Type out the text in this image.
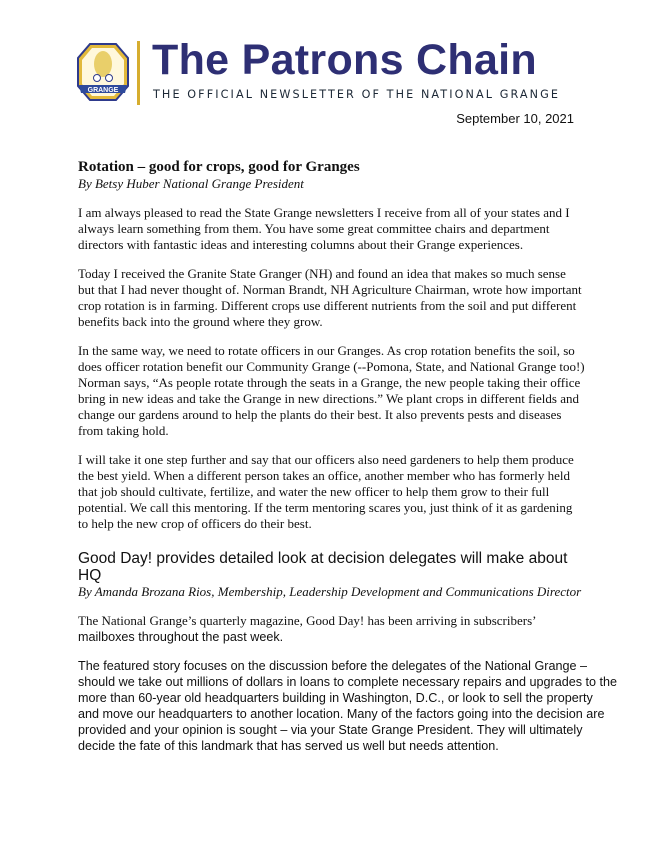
GRANGE
The Patrons Chain
THE OFFICIAL NEWSLETTER OF THE NATIONAL GRANGE
September 10, 2021
Rotation – good for crops, good for Granges
By Betsy Huber National Grange President
I am always pleased to read the State Grange newsletters I receive from all of your states and I
always learn something from them. You have some great committee chairs and department
directors with fantastic ideas and interesting columns about their Grange experiences.
Today I received the Granite State Granger (NH) and found an idea that makes so much sense
but that I had never thought of. Norman Brandt, NH Agriculture Chairman, wrote how important
crop rotation is in farming. Different crops use different nutrients from the soil and put different
benefits back into the ground where they grow.
In the same way, we need to rotate officers in our Granges. As crop rotation benefits the soil, so
does officer rotation benefit our Community Grange (--Pomona, State, and National Grange too!)
Norman says, “As people rotate through the seats in a Grange, the new people taking their office
bring in new ideas and take the Grange in new directions.” We plant crops in different fields and
change our gardens around to help the plants do their best. It also prevents pests and diseases
from taking hold.
I will take it one step further and say that our officers also need gardeners to help them produce
the best yield. When a different person takes an office, another member who has formerly held
that job should cultivate, fertilize, and water the new officer to help them grow to their full
potential. We call this mentoring. If the term mentoring scares you, just think of it as gardening
to help the new crop of officers do their best.
Good Day! provides detailed look at decision delegates will make about HQ
By Amanda Brozana Rios, Membership, Leadership Development and Communications Director
The National Grange’s quarterly magazine, Good Day! has been arriving in subscribers’
mailboxes throughout the past week.
The featured story focuses on the discussion before the delegates of the National Grange –
should we take out millions of dollars in loans to complete necessary repairs and upgrades to the
more than 60-year old headquarters building in Washington, D.C., or look to sell the property
and move our headquarters to another location. Many of the factors going into the decision are
provided and your opinion is sought – via your State Grange President. They will ultimately
decide the fate of this landmark that has served us well but needs attention.
